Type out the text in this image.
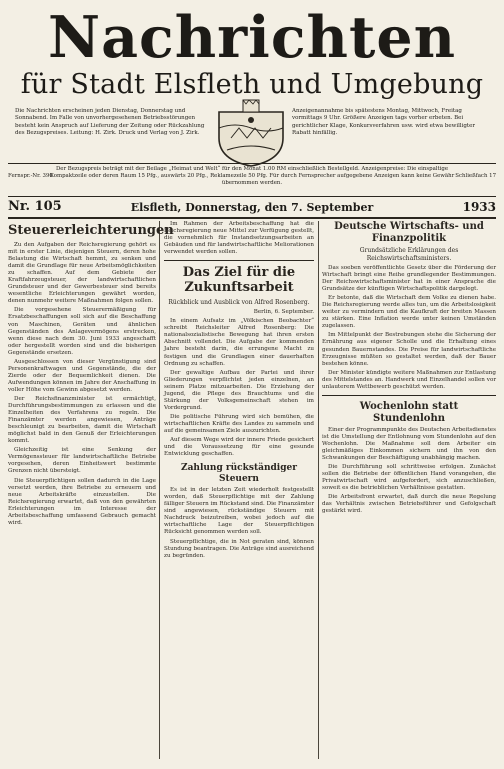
Nachrichten
für Stadt Elsfleth und Umgebung
Die Nachrichten erscheinen jeden Dienstag, Donnerstag und Sonnabend. Im Falle von unvorhergesehenen Betriebsstörungen besteht kein Anspruch auf Lieferung der Zeitung oder Rückzahlung des Bezugspreises. Leitung: H. Zirk. Druck und Verlag von J. Zirk.
Anzeigenannahme bis spätestens Montag, Mittwoch, Freitag vormittags 9 Uhr. Größere Anzeigen tags vorher erbeten. Bei gerichtlicher Klage, Konkursverfahren usw. wird etwa bewilligter Rabatt hinfällig.
Fernspr.-Nr. 390
Der Bezugspreis beträgt mit der Beilage „Heimat und Welt“ für den Monat 1.00 RM einschließlich Bestellgeld. Anzeigenpreise: Die einspaltige Kompaktzeile oder deren Raum 15 Pfg., auswärts 20 Pfg., Reklamezeile 50 Pfg. Für durch Fernsprecher aufgegebene Anzeigen kann keine Gewähr übernommen werden.
Schließfach 17
Nr. 105	Elsfleth, Donnerstag, den 7. September	1933
Steuererleichterungen

Zu den Aufgaben der Reichsregierung gehört es mit in erster Linie, diejenigen Steuern, deren hohe Belastung die Wirtschaft hemmt, zu senken und damit die Grundlage für neue Arbeitsmöglichkeiten zu schaffen. Auf dem Gebiete der Kraftfahrzeugsteuer, der landwirtschaftlichen Grundsteuer und der Gewerbesteuer sind bereits wesentliche Erleichterungen gewährt worden, denen nunmehr weitere Maßnahmen folgen sollen.

Die vorgesehene Steuerermäßigung für Ersatzbeschaffungen soll sich auf die Beschaffung von Maschinen, Geräten und ähnlichen Gegenständen des Anlagevermögens erstrecken, wenn diese nach dem 30. Juni 1933 angeschafft oder hergestellt worden sind und die bisherigen Gegenstände ersetzen.

Ausgeschlossen von dieser Vergünstigung sind Personenkraftwagen und Gegenstände, die der Zierde oder der Bequemlichkeit dienen. Die Aufwendungen können im Jahre der Anschaffung in voller Höhe vom Gewinn abgesetzt werden.

Der Reichsfinanzminister ist ermächtigt, Durchführungsbestimmungen zu erlassen und die Einzelheiten des Verfahrens zu regeln. Die Finanzämter werden angewiesen, Anträge beschleunigt zu bearbeiten, damit die Wirtschaft möglichst bald in den Genuß der Erleichterungen kommt.

Gleichzeitig ist eine Senkung der Vermögenssteuer für landwirtschaftliche Betriebe vorgesehen, deren Einheitswert bestimmte Grenzen nicht übersteigt.

Die Steuerpflichtigen sollen dadurch in die Lage versetzt werden, ihre Betriebe zu erneuern und neue Arbeitskräfte einzustellen. Die Reichsregierung erwartet, daß von den gewährten Erleichterungen im Interesse der Arbeitsbeschaffung umfassend Gebrauch gemacht wird.

Im Rahmen der Arbeitsbeschaffung hat die Reichsregierung neue Mittel zur Verfügung gestellt, die vornehmlich für Instandsetzungsarbeiten an Gebäuden und für landwirtschaftliche Meliorationen verwendet werden sollen.

Das Ziel für die Zukunftsarbeit
Rückblick und Ausblick von Alfred Rosenberg.

Berlin, 6. September.

In einem Aufsatz im „Völkischen Beobachter“ schreibt Reichsleiter Alfred Rosenberg: Die nationalsozialistische Bewegung hat ihren ersten Abschnitt vollendet. Die Aufgabe der kommenden Jahre besteht darin, die errungene Macht zu festigen und die Grundlagen einer dauerhaften Ordnung zu schaffen.

Der gewaltige Aufbau der Partei und ihrer Gliederungen verpflichtet jeden einzelnen, an seinem Platze mitzuarbeiten. Die Erziehung der Jugend, die Pflege des Brauchtums und die Stärkung der Volksgemeinschaft stehen im Vordergrund.

Die politische Führung wird sich bemühen, die wirtschaftlichen Kräfte des Landes zu sammeln und auf die gemeinsamen Ziele auszurichten.

Auf diesem Wege wird der innere Friede gesichert und die Voraussetzung für eine gesunde Entwicklung geschaffen.

Zahlung rückständiger Steuern

Es ist in der letzten Zeit wiederholt festgestellt worden, daß Steuerpflichtige mit der Zahlung fälliger Steuern im Rückstand sind. Die Finanzämter sind angewiesen, rückständige Steuern mit Nachdruck beizutreiben, wobei jedoch auf die wirtschaftliche Lage der Steuerpflichtigen Rücksicht genommen werden soll.

Steuerpflichtige, die in Not geraten sind, können Stundung beantragen. Die Anträge sind ausreichend zu begründen.

Deutsche Wirtschafts- und Finanzpolitik
Grundsätzliche Erklärungen des Reichswirtschaftsministers.

Das soeben veröffentlichte Gesetz über die Förderung der Wirtschaft bringt eine Reihe grundlegender Bestimmungen. Der Reichswirtschaftsminister hat in einer Ansprache die Grundsätze der künftigen Wirtschaftspolitik dargelegt.

Er betonte, daß die Wirtschaft dem Volke zu dienen habe. Die Reichsregierung werde alles tun, um die Arbeitslosigkeit weiter zu vermindern und die Kaufkraft der breiten Massen zu stärken. Eine Inflation werde unter keinen Umständen zugelassen.

Im Mittelpunkt der Bestrebungen stehe die Sicherung der Ernährung aus eigener Scholle und die Erhaltung eines gesunden Bauernstandes. Die Preise für landwirtschaftliche Erzeugnisse müßten so gestaltet werden, daß der Bauer bestehen könne.

Der Minister kündigte weitere Maßnahmen zur Entlastung des Mittelstandes an. Handwerk und Einzelhandel sollen vor unlauterem Wettbewerb geschützt werden.

Wochenlohn statt Stundenlohn

Einer der Programmpunkte des Deutschen Arbeitsdienstes ist die Umstellung der Entlohnung vom Stundenlohn auf den Wochenlohn. Die Maßnahme soll dem Arbeiter ein gleichmäßiges Einkommen sichern und ihn von den Schwankungen der Beschäftigung unabhängig machen.

Die Durchführung soll schrittweise erfolgen. Zunächst sollen die Betriebe der öffentlichen Hand vorangehen, die Privatwirtschaft wird aufgefordert, sich anzuschließen, soweit es die betrieblichen Verhältnisse gestatten.

Die Arbeitsfront erwartet, daß durch die neue Regelung das Verhältnis zwischen Betriebsführer und Gefolgschaft gestärkt wird.
